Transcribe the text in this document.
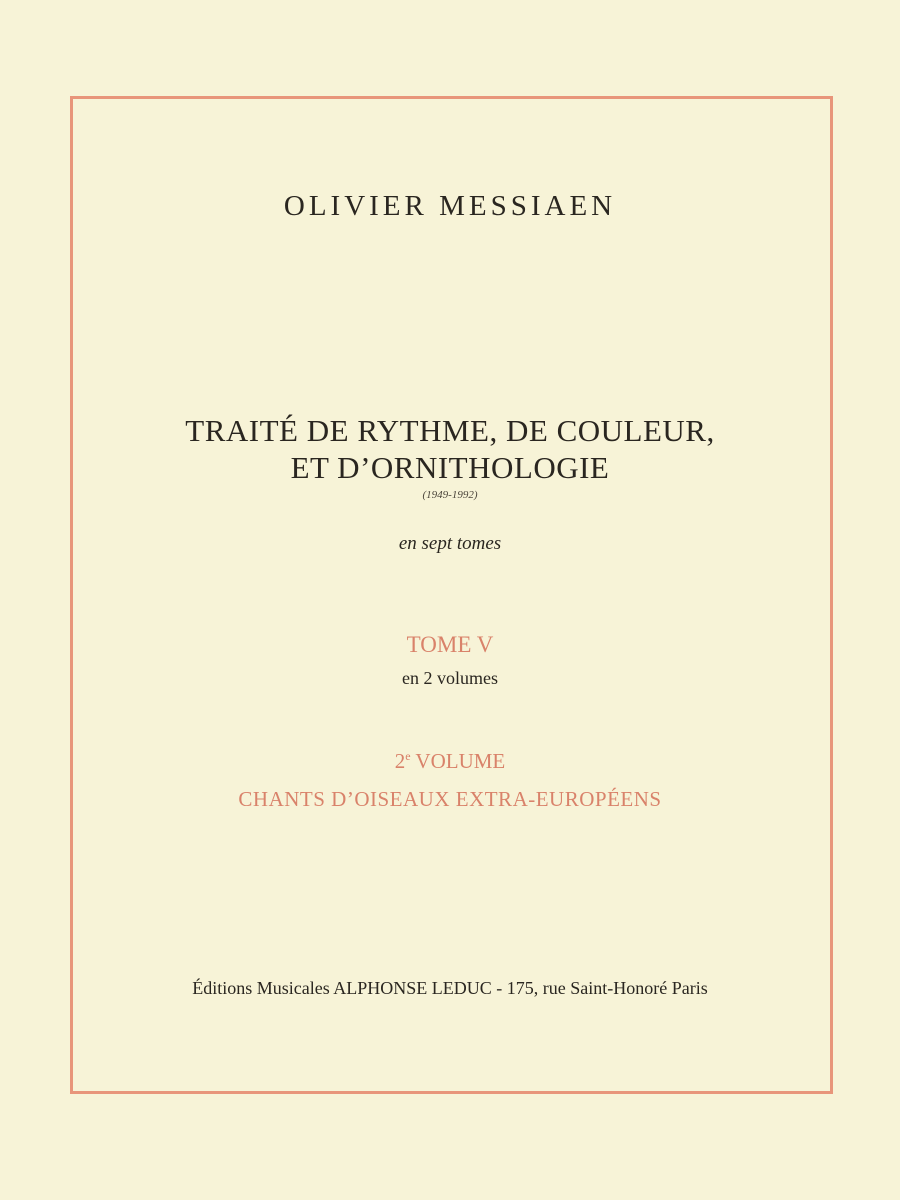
OLIVIER MESSIAEN
TRAITÉ DE RYTHME, DE COULEUR,
ET D’ORNITHOLOGIE
(1949-1992)
en sept tomes
TOME V
en 2 volumes
2e VOLUME
CHANTS D’OISEAUX EXTRA-EUROPÉENS
Éditions Musicales ALPHONSE LEDUC - 175, rue Saint-Honoré Paris
